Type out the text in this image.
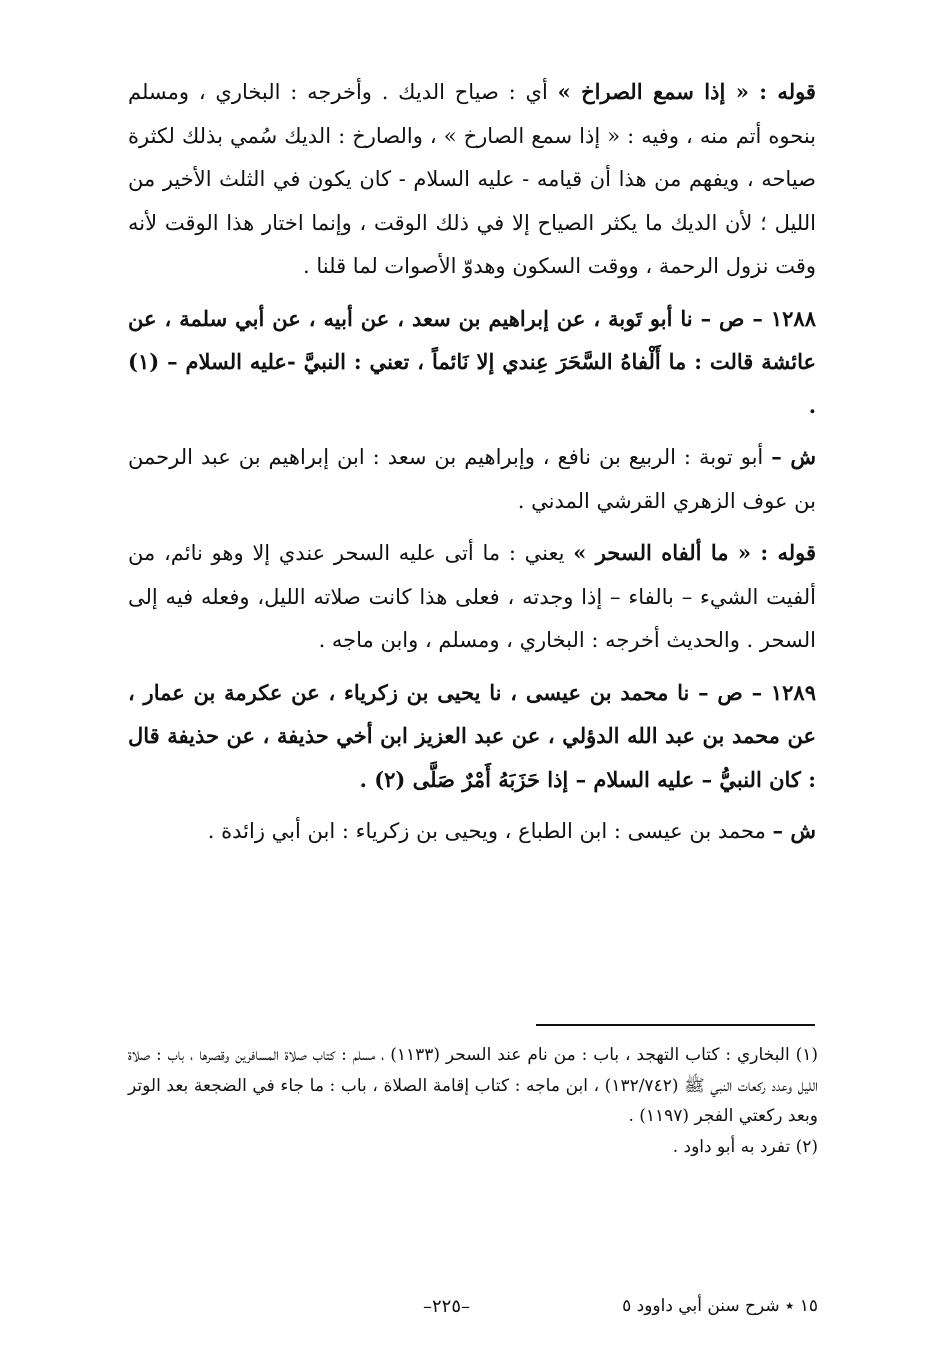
قوله : « إذا سمع الصراخ » أي : صياح الديك . وأخرجه : البخاري ، ومسلم بنحوه أتم منه ، وفيه : « إذا سمع الصارخ » ، والصارخ : الديك سُمي بذلك لكثرة صياحه ، ويفهم من هذا أن قيامه - عليه السلام - كان يكون في الثلث الأخير من الليل ؛ لأن الديك ما يكثر الصياح إلا في ذلك الوقت ، وإنما اختار هذا الوقت لأنه وقت نزول الرحمة ، ووقت السكون وهدوّ الأصوات لما قلنا .

١٢٨٨ – ص – نا أبو تَوبة ، عن إبراهيم بن سعد ، عن أبيه ، عن أبي سلمة ، عن عائشة قالت : ما أَلْفاهُ السَّحَرَ عِندي إلا نَائماً ، تعني : النبيَّ -عليه السلام – (١) .

ش – أبو توبة : الربيع بن نافع ، وإبراهيم بن سعد : ابن إبراهيم بن عبد الرحمن بن عوف الزهري القرشي المدني .

قوله : « ما ألفاه السحر » يعني : ما أتى عليه السحر عندي إلا وهو نائم، من ألفيت الشيء – بالفاء – إذا وجدته ، فعلى هذا كانت صلاته الليل، وفعله فيه إلى السحر . والحديث أخرجه : البخاري ، ومسلم ، وابن ماجه .

١٢٨٩ – ص – نا محمد بن عيسى ، نا يحيى بن زكرياء ، عن عكرمة بن عمار ، عن محمد بن عبد الله الدؤلي ، عن عبد العزيز ابن أخي حذيفة ، عن حذيفة قال : كان النبيُّ – عليه السلام – إذا حَزَبَهُ أَمْرٌ صَلَّى (٢) .

ش – محمد بن عيسى : ابن الطباع ، ويحيى بن زكرياء : ابن أبي زائدة .

(١) البخاري : كتاب التهجد ، باب : من نام عند السحر (١١٣٣) ، مسلم : كتاب صلاة المسافرين وقصرها ، باب : صلاة الليل وعدد ركعات النبي ﷺ (١٣٢/٧٤٢) ، ابن ماجه : كتاب إقامة الصلاة ، باب : ما جاء في الضجعة بعد الوتر وبعد ركعتي الفجر (١١٩٧) .

(٢) تفرد به أبو داود .

١٥ ٭ شرح سنن أبي داوود ٥
–٢٢٥–
